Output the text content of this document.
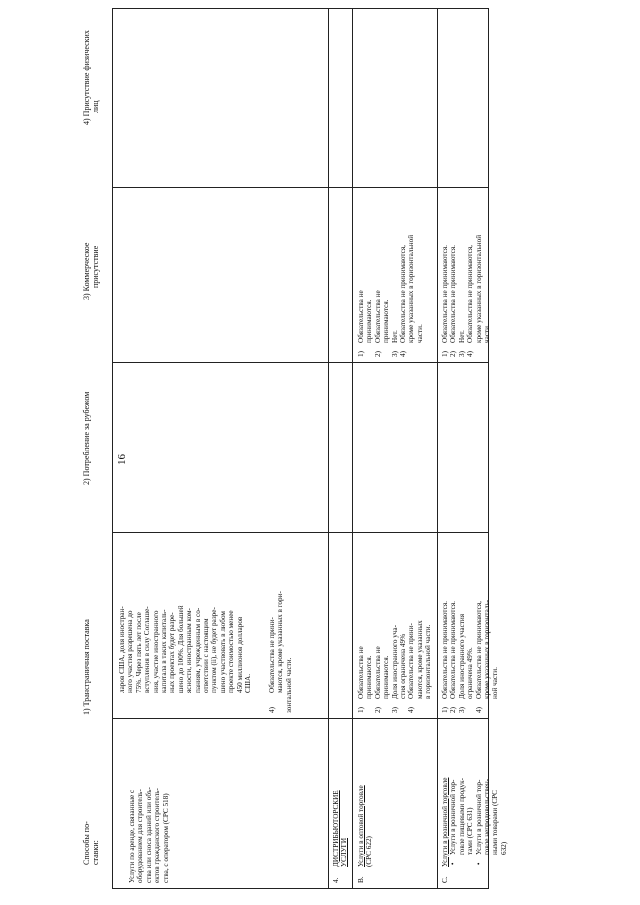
16
Способы по- ставки:
1) Трансграничная поставка
2) Потребление за рубежом
3) Коммерческое присутствие
4) Присутствие физических лиц
Услуги по аренде, связанные с оборудованием для строитель- ства или сноса зданий или объ- ектов гражданского строитель- ства, с оператором (CPC 518)
ларов США, доля иностран- ного участия разрешена до 75%. Через пять лет после вступления в силу Соглаше- ния, участие иностранного капитала в таких капиталь- ных проектах будет разре- шено до 100%. Для большей ясности, иностранным ком- паниям, учрежденным в со- ответствии с настоящим пунктом (ii), не будет разре- шено участвовать в любом проекте стоимостью менее 450 миллионов долларов США.
4)
Обязательства не прини- маются, кроме указанных в гори- зонтальной части.
4.
ДИСТРИБЬЮТОРСКИЕ УСЛУГИ
B.
Услуги в оптовой торговле (CPC 622)
1)
Обязательства не принимаются.
2)
Обязательства не принимаются.
3)
Доля иностранного уча- стия ограничена 49%
4)
Обязательства не прини- маются, кроме указанных в горизонтальной части.
1)
Обязательства не принимаются.
2)
Обязательства не принимаются.
3)
Нет.
4)
Обязательства не принимаются, кроме указанных в горизонтальной части.
C.
Услуги в розничной торговле •
Услуги в розничной тор- говле пищевыми продук- тами (CPC 631)
•
Услуги в розничной тор- говле непродовольствен- ными товарами (CPC 632)
1)
Обязательства не принимаются.
2)
Обязательства не принимаются.
3)
Доля иностранного участия ограничена 49%.
4)
Обязательства не принимаются, кроме указанных в горизонталь- ной части.
1)
Обязательства не принимаются.
2)
Обязательства не принимаются.
3)
Нет.
4)
Обязательства не принимаются, кроме указанных в горизонтальной части.
